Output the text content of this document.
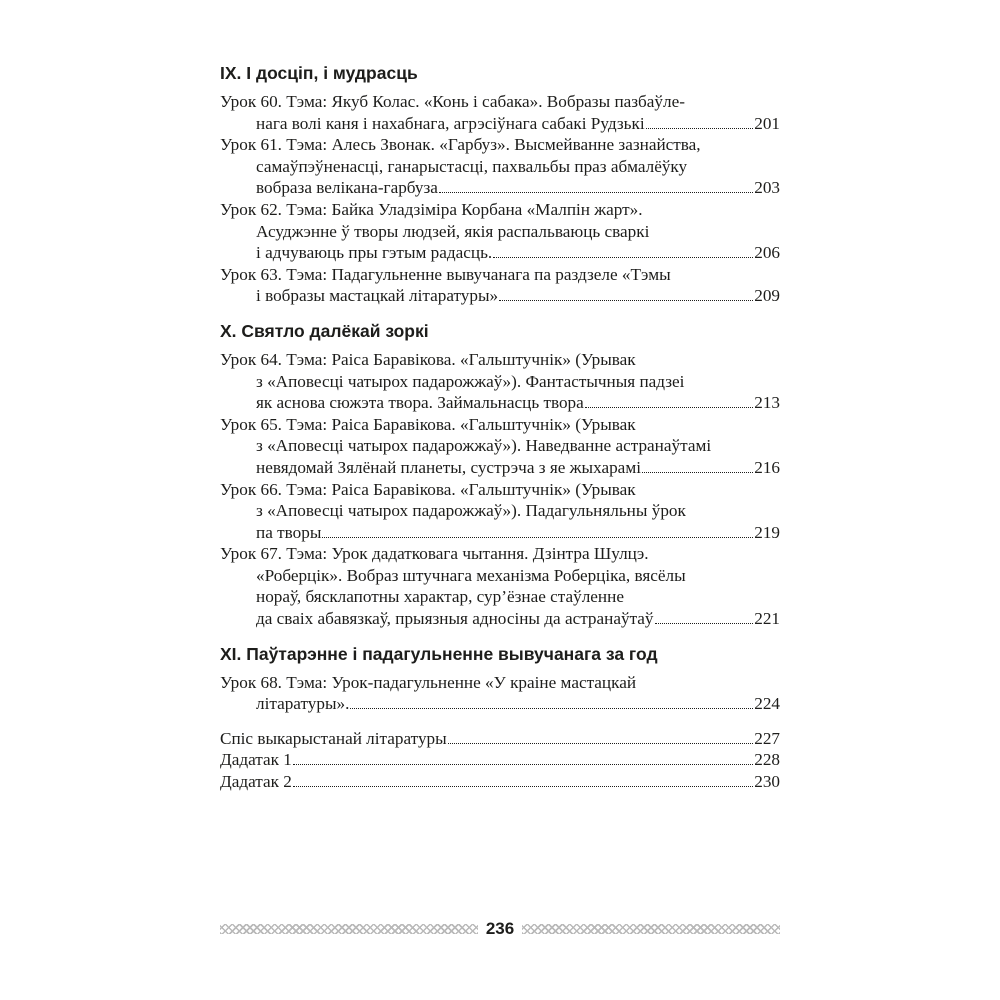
IX. І досціп, і мудрасць
Урок 60. Тэма: Якуб Колас. «Конь і сабака». Вобразы пазбаўле-
нага волі каня і нахабнага, агрэсіўнага сабакі Рудзькі	201
Урок 61. Тэма: Алесь Звонак. «Гарбуз». Высмейванне зазнайства,
самаўпэўненасці, ганарыстасці, пахвальбы праз абмалёўку
вобраза велікана-гарбуза	203
Урок 62. Тэма: Байка Уладзіміра Корбана «Малпін жарт».
Асуджэнне ў творы людзей, якія распальваюць сваркі
і адчуваюць пры гэтым радасць.	206
Урок 63. Тэма: Падагульненне вывучанага па раздзеле «Тэмы
і вобразы мастацкай літаратуры»	209
X. Святло далёкай зоркі
Урок 64. Тэма: Раіса Баравікова. «Гальштучнік» (Урывак
з «Аповесці чатырох падарожжаў»). Фантастычныя падзеі
як аснова сюжэта твора. Займальнасць твора	213
Урок 65. Тэма: Раіса Баравікова. «Гальштучнік» (Урывак
з «Аповесці чатырох падарожжаў»). Наведванне астранаўтамі
невядомай Зялёнай планеты, сустрэча з яе жыхарамі	216
Урок 66. Тэма: Раіса Баравікова. «Гальштучнік» (Урывак
з «Аповесці чатырох падарожжаў»). Падагульняльны ўрок
па творы	219
Урок 67. Тэма: Урок дадатковага чытання. Дзінтра Шулцэ.
«Роберцік». Вобраз штучнага механізма Роберціка, вясёлы
нораў, бясклапотны характар, сур’ёзнае стаўленне
да сваіх абавязкаў, прыязныя адносіны да астранаўтаў	221
XI. Паўтарэнне і падагульненне вывучанага за год
Урок 68. Тэма: Урок-падагульненне «У краіне мастацкай
літаратуры».	224
Спіс выкарыстанай літаратуры	227
Дадатак 1	228
Дадатак 2	230
236
